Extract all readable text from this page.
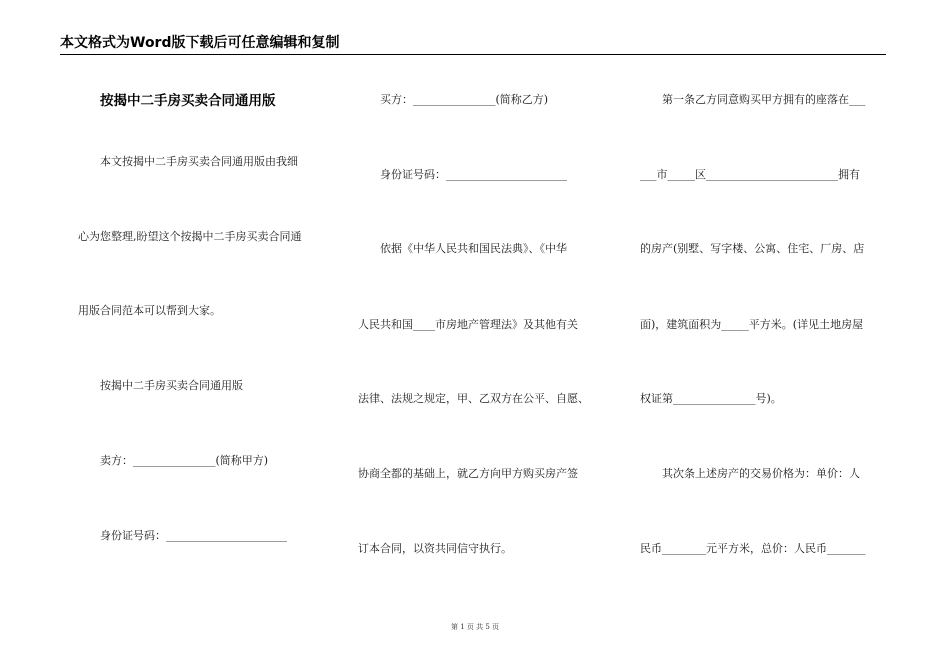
本文格式为Word版下载后可任意编辑和复制
按揭中二手房买卖合同通用版
本文按揭中二手房买卖合同通用版由我细
心为您整理,盼望这个按揭中二手房买卖合同通
用版合同范本可以帮到大家。
按揭中二手房买卖合同通用版
卖方：_______________(简称甲方)
身份证号码：______________________
买方：_______________(简称乙方)
身份证号码：______________________
依据《中华人民共和国民法典》、《中华
人民共和国____市房地产管理法》及其他有关
法律、法规之规定，甲、乙双方在公平、自愿、
协商全都的基础上，就乙方向甲方购买房产签
订本合同，以资共同信守执行。
第一条乙方同意购买甲方拥有的座落在___
___市_____区________________________拥有
的房产(别墅、写字楼、公寓、住宅、厂房、店
面)，建筑面积为_____平方米。(详见土地房屋
权证第_______________号)。
其次条上述房产的交易价格为：单价：人
民币________元平方米，总价：人民币_______
第 1 页 共 5 页
